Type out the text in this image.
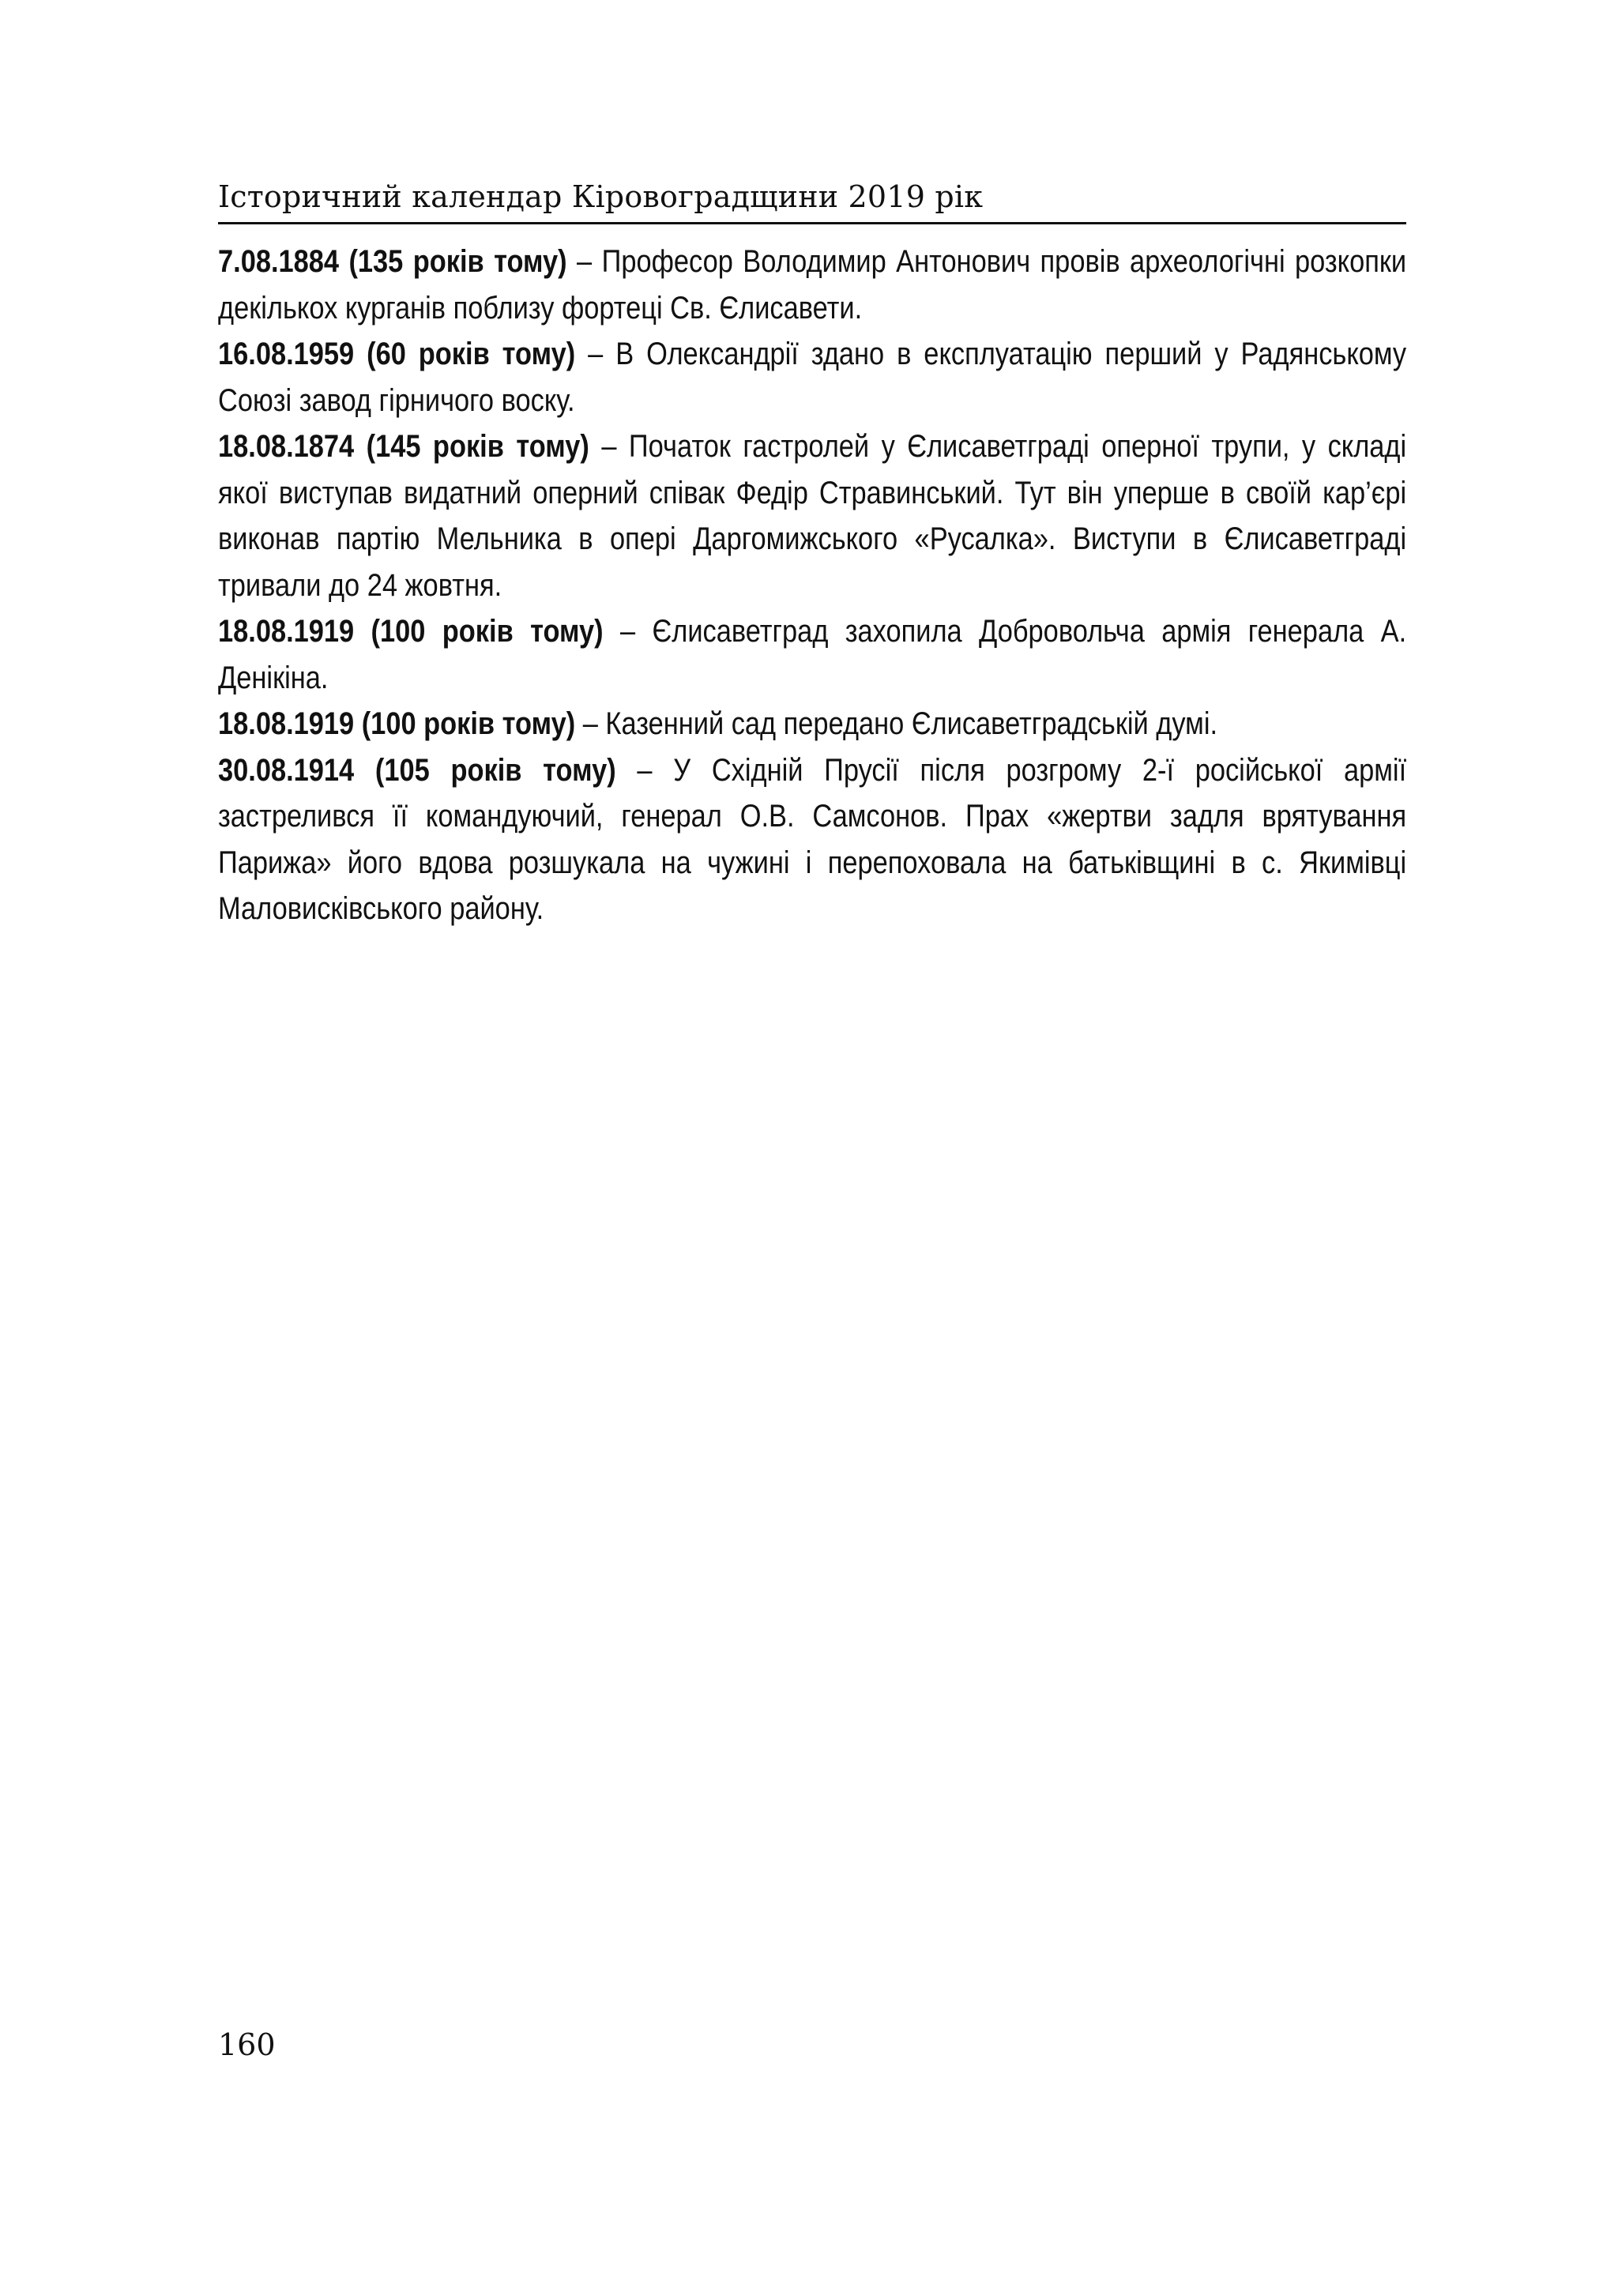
Історичний календар Кіровоградщини 2019 рік

7.08.1884 (135 років тому) – Професор Володимир Антонович провів археологічні розкопки декількох курганів поблизу фортеці Св. Єлисавети.

16.08.1959 (60 років тому) – В Олександрії здано в експлуатацію перший у Радянському Союзі завод гірничого воску.

18.08.1874 (145 років тому) – Початок гастролей у Єлисаветграді оперної трупи, у складі якої виступав видатний оперний співак Федір Стравинський. Тут він уперше в своїй кар’єрі виконав партію Мельника в опері Даргомижського «Русалка». Виступи в Єлисаветграді тривали до 24 жовтня.

18.08.1919 (100 років тому) – Єлисаветград захопила Добровольча армія генерала А. Денікіна.

18.08.1919 (100 років тому) – Казенний сад передано Єлисаветградській думі.

30.08.1914 (105 років тому) – У Східній Прусії після розгрому 2-ї російської армії застрелився її командуючий, генерал О.В. Самсонов. Прах «жертви задля врятування Парижа» його вдова розшукала на чужині і перепоховала на батьківщині в с. Якимівці Маловисківського району.

160
